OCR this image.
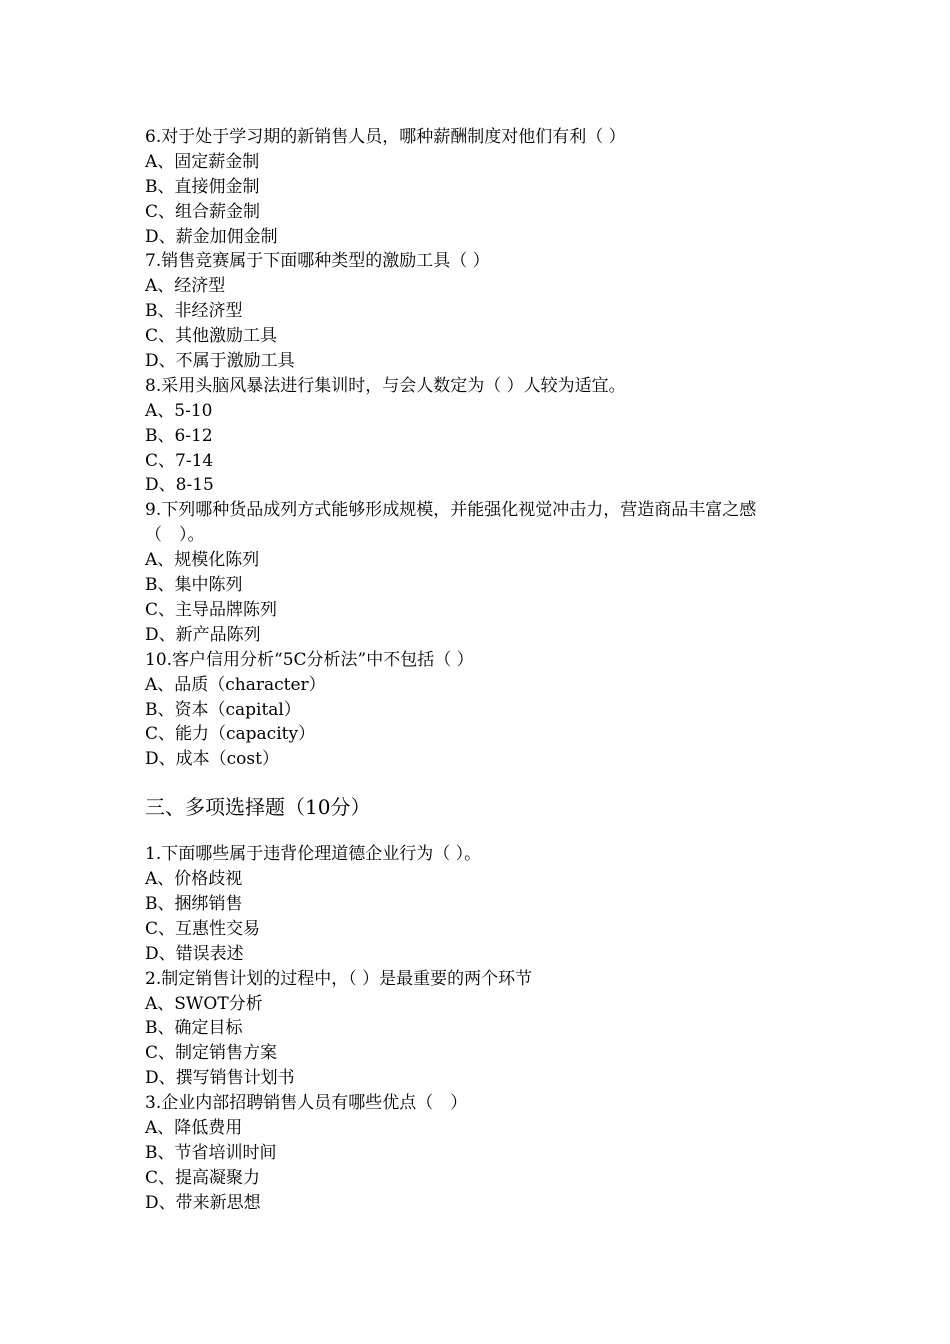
6.对于处于学习期的新销售人员，哪种薪酬制度对他们有利（ ）
A、固定薪金制
B、直接佣金制
C、组合薪金制
D、薪金加佣金制
7.销售竞赛属于下面哪种类型的激励工具（ ）
A、经济型
B、非经济型
C、其他激励工具
D、不属于激励工具
8.采用头脑风暴法进行集训时，与会人数定为（ ）人较为适宜。
A、5-10
B、6-12
C、7-14
D、8-15
9.下列哪种货品成列方式能够形成规模，并能强化视觉冲击力，营造商品丰富之感（　）。
A、规模化陈列
B、集中陈列
C、主导品牌陈列
D、新产品陈列
10.客户信用分析“5C分析法”中不包括（ ）
A、品质（character）
B、资本（capital）
C、能力（capacity）
D、成本（cost）
三、多项选择题（10分）
1.下面哪些属于违背伦理道德企业行为（ ）。
A、价格歧视
B、捆绑销售
C、互惠性交易
D、错误表述
2.制定销售计划的过程中，（ ）是最重要的两个环节
A、SWOT分析
B、确定目标
C、制定销售方案
D、撰写销售计划书
3.企业内部招聘销售人员有哪些优点（　）
A、降低费用
B、节省培训时间
C、提高凝聚力
D、带来新思想
